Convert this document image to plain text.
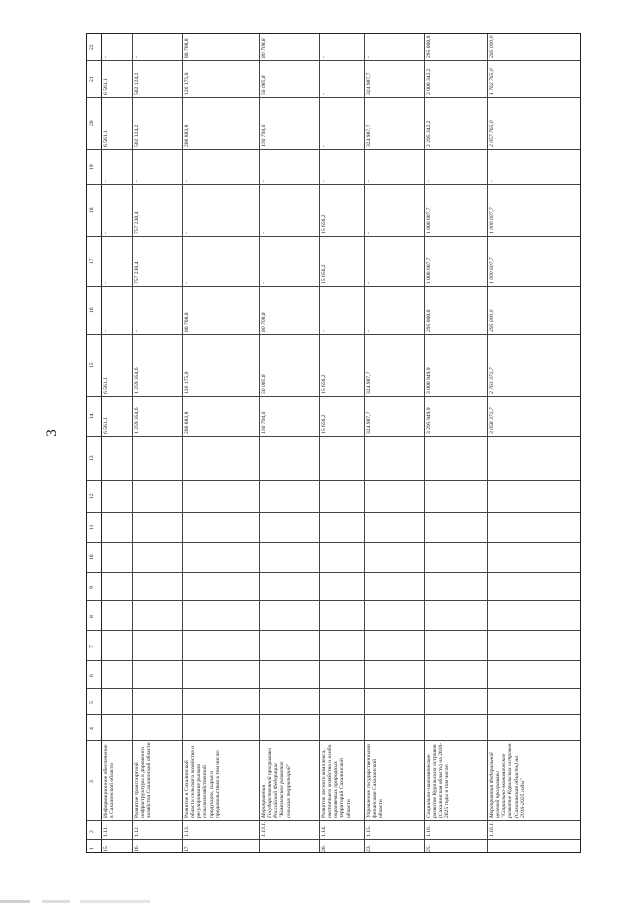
3
1
2
3
4
5
6
7
8
9
10
11
12
13
14
15
16
17
18
19
20
21
22
15.
1.11.
Информационное обеспечение в Сахалинской области
6 561,1
6 561,1
-
-
-
-
6 561,1
6 561,1
-
16.
1.12.
Развитие транспортной инфраструктуры в дорожного хозяйства Сахалинской области
1 259 354,6
1 259 354,6
-
757 230,4
757 230,4
-
502 124,2
502 124,2
-
17.
1.13.
Развитие в Сахалинской области сельского хозяйства и регулирование рынков сельскохозяйственной продукции, сырья и продовольствия в том числе:
206 883,8
126 175,0
80 708,8
-
-
-
206 883,8
126 175,0
80 708,8
1.13.1.
Мероприятия Государственной программы Российской Федерации "Комплексное развитие сельских территорий"
136 794,6
56 085,8
80 708,8
-
-
-
136 794,6
56 085,8
80 708,8
20.
1.14.
Развитие лесного комплекса, охотничьего хозяйства и особо охраняемых природных территорий Сахалинской области
15 656,2
15 656,2
-
15 656,2
15 656,2
-
-
-
-
23.
1.15.
Управление государственными финансами Сахалинской области
324 987,7
324 987,7
-
-
-
-
324 987,7
324 987,7
-
25.
1.16.
Социально-экономическое развитие Курильских островов (Сахалинская область) на 2016-2025 годы в том числе:
3 295 949,9
3 000 949,9
295 000,0
1 000 607,7
1 000 607,7
-
2 295 342,2
2 000 342,2
295 000,0
1.16.1.
Мероприятия Федеральной целевой программы "Социально-экономическое развитие Курильских островов (Сахалинская область) на 2016-2025 годы"
3 058 372,7
2 763 372,7
295 000,0
1 000 607,7
1 000 607,7
-
2 057 765,0
1 762 765,0
295 000,0
